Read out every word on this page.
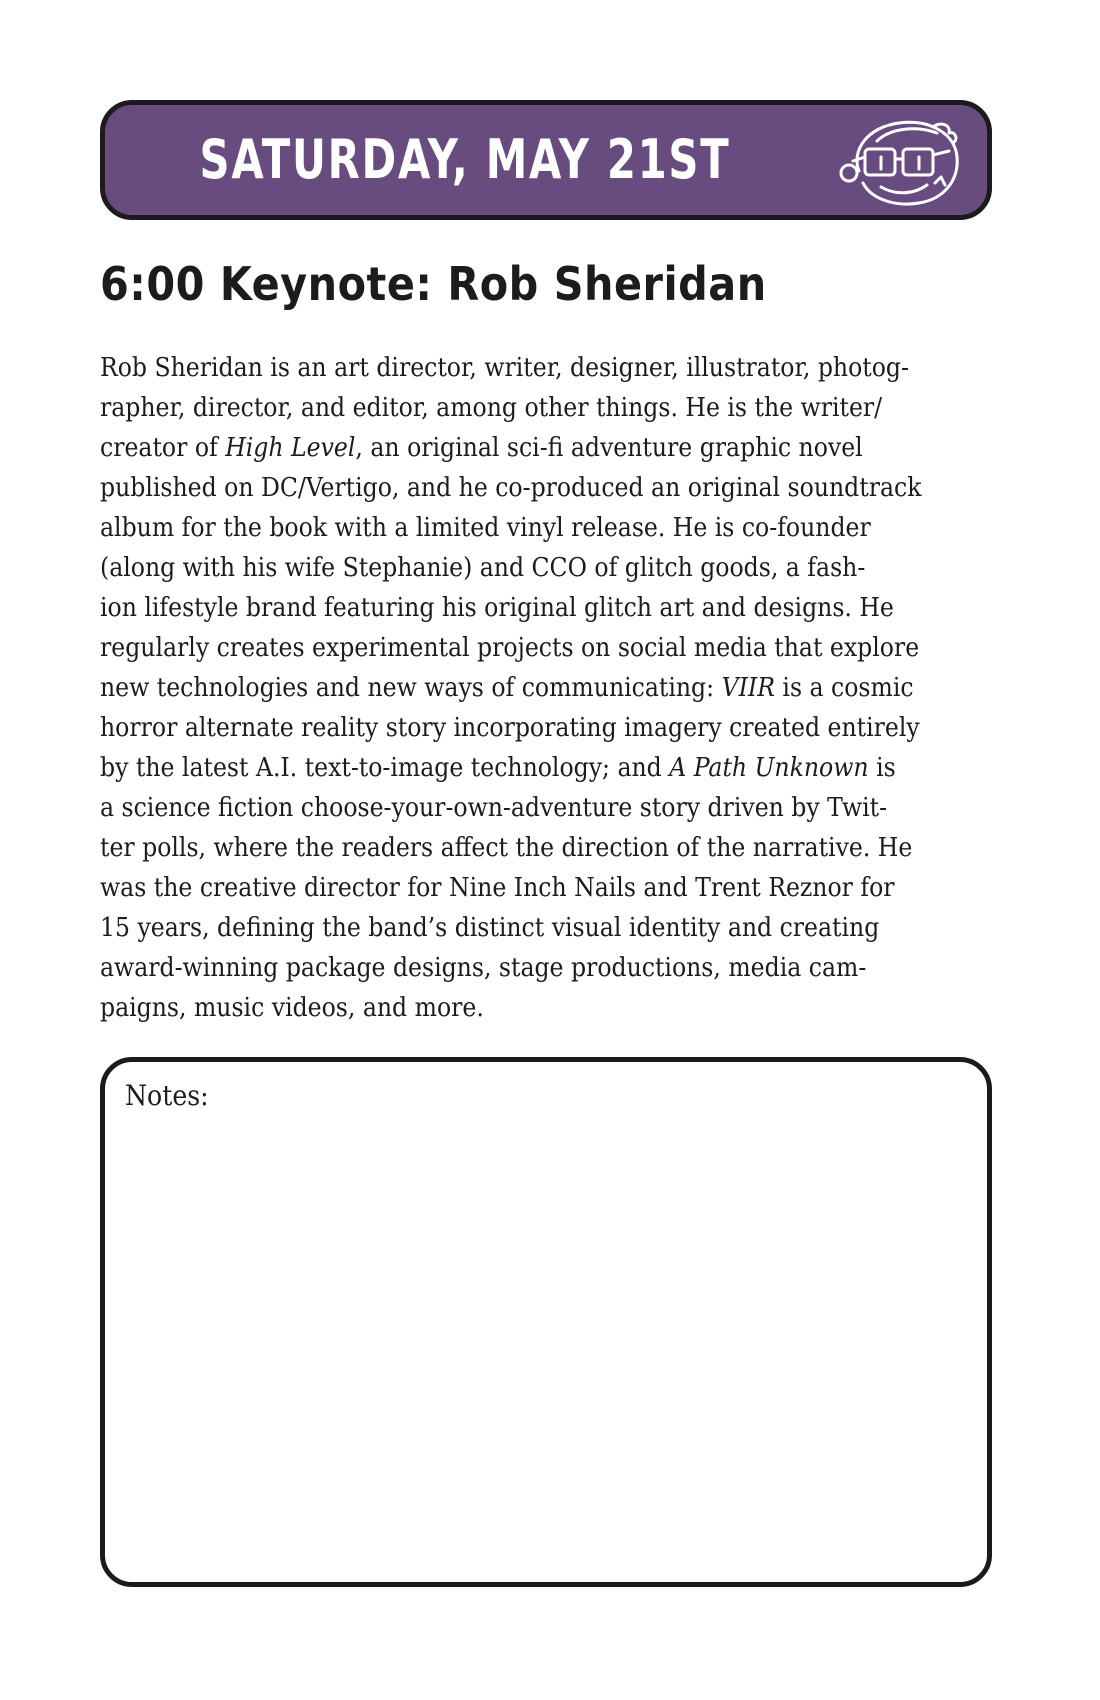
SATURDAY, MAY 21ST
6:00 Keynote: Rob Sheridan
Rob Sheridan is an art director, writer, designer, illustrator, photog-
rapher, director, and editor, among other things. He is the writer/
creator of High Level, an original sci-fi adventure graphic novel
published on DC/Vertigo, and he co-produced an original soundtrack
album for the book with a limited vinyl release. He is co-founder
(along with his wife Stephanie) and CCO of glitch goods, a fash-
ion lifestyle brand featuring his original glitch art and designs. He
regularly creates experimental projects on social media that explore
new technologies and new ways of communicating: VIIR is a cosmic
horror alternate reality story incorporating imagery created entirely
by the latest A.I. text-to-image technology; and A Path Unknown is
a science fiction choose-your-own-adventure story driven by Twit-
ter polls, where the readers affect the direction of the narrative. He
was the creative director for Nine Inch Nails and Trent Reznor for
15 years, defining the band’s distinct visual identity and creating
award-winning package designs, stage productions, media cam-
paigns, music videos, and more.
Notes:
